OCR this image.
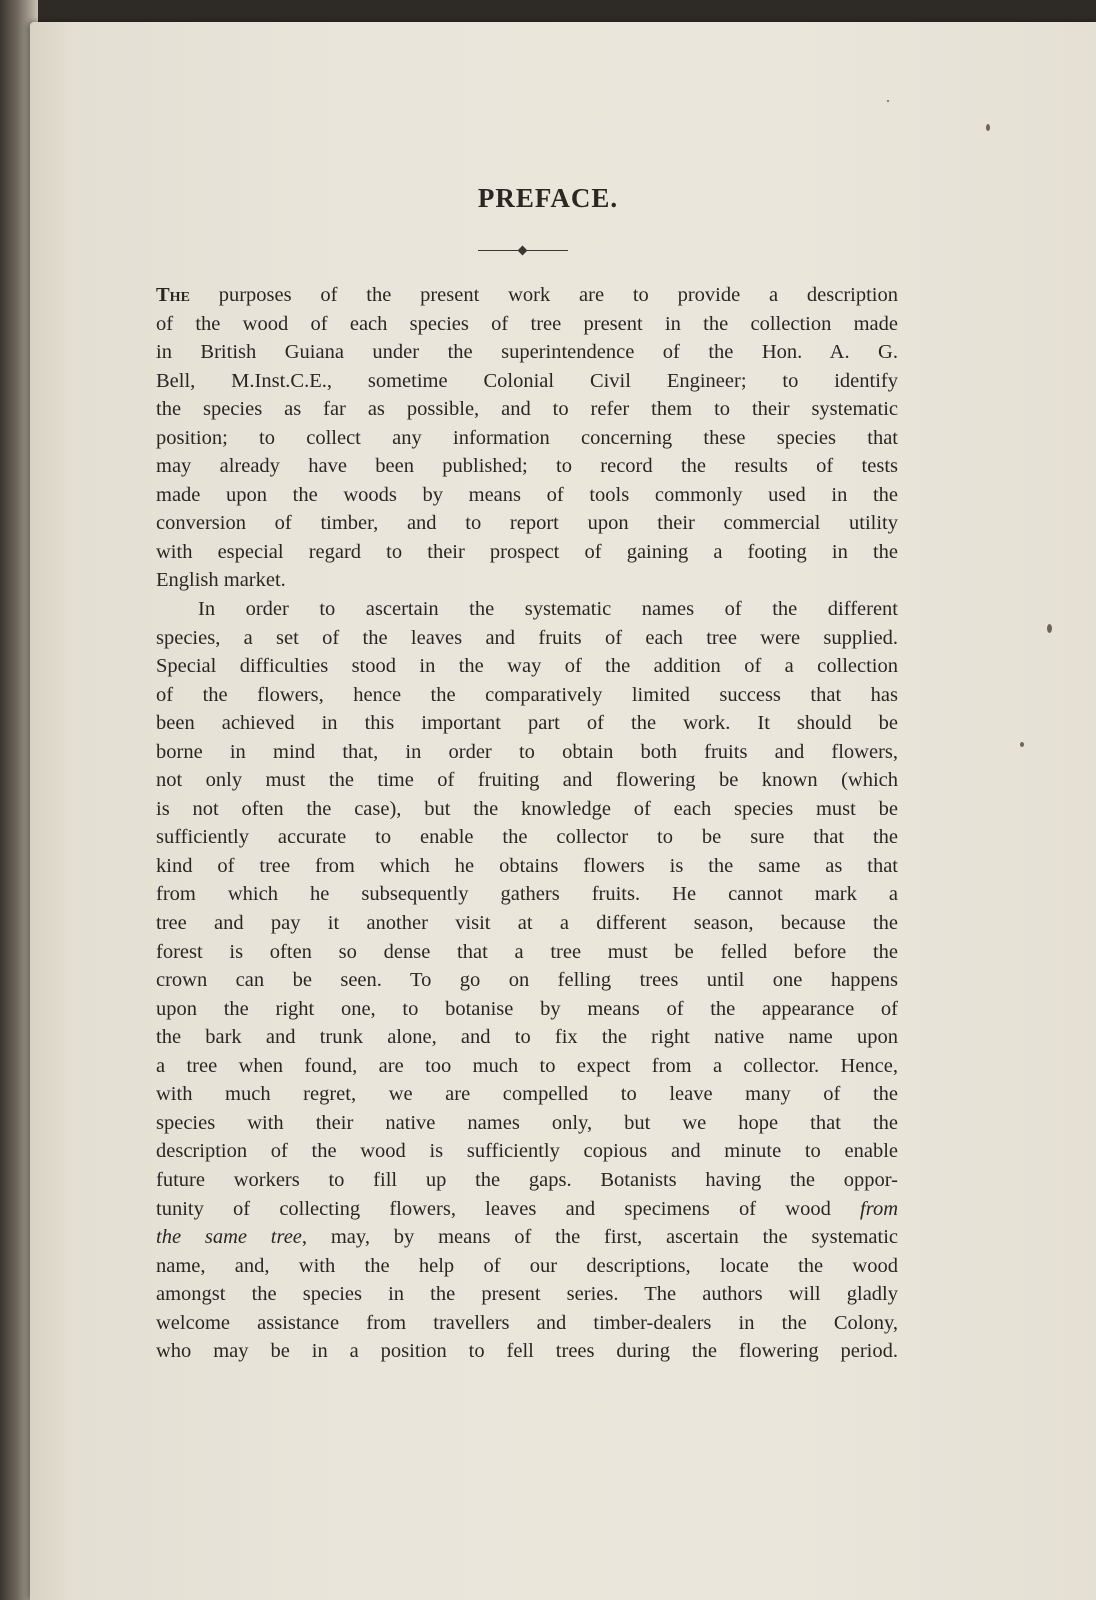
PREFACE.
The purposes of the present work are to provide a description
of the wood of each species of tree present in the collection made
in British Guiana under the superintendence of the Hon. A. G.
Bell, M.Inst.C.E., sometime Colonial Civil Engineer; to identify
the species as far as possible, and to refer them to their systematic
position; to collect any information concerning these species that
may already have been published; to record the results of tests
made upon the woods by means of tools commonly used in the
conversion of timber, and to report upon their commercial utility
with especial regard to their prospect of gaining a footing in the
English market.
In order to ascertain the systematic names of the different
species, a set of the leaves and fruits of each tree were supplied.
Special difficulties stood in the way of the addition of a collection
of the flowers, hence the comparatively limited success that has
been achieved in this important part of the work. It should be
borne in mind that, in order to obtain both fruits and flowers,
not only must the time of fruiting and flowering be known (which
is not often the case), but the knowledge of each species must be
sufficiently accurate to enable the collector to be sure that the
kind of tree from which he obtains flowers is the same as that
from which he subsequently gathers fruits. He cannot mark a
tree and pay it another visit at a different season, because the
forest is often so dense that a tree must be felled before the
crown can be seen. To go on felling trees until one happens
upon the right one, to botanise by means of the appearance of
the bark and trunk alone, and to fix the right native name upon
a tree when found, are too much to expect from a collector. Hence,
with much regret, we are compelled to leave many of the
species with their native names only, but we hope that the
description of the wood is sufficiently copious and minute to enable
future workers to fill up the gaps. Botanists having the oppor-
tunity of collecting flowers, leaves and specimens of wood from
the same tree, may, by means of the first, ascertain the systematic
name, and, with the help of our descriptions, locate the wood
amongst the species in the present series. The authors will gladly
welcome assistance from travellers and timber-dealers in the Colony,
who may be in a position to fell trees during the flowering period.
